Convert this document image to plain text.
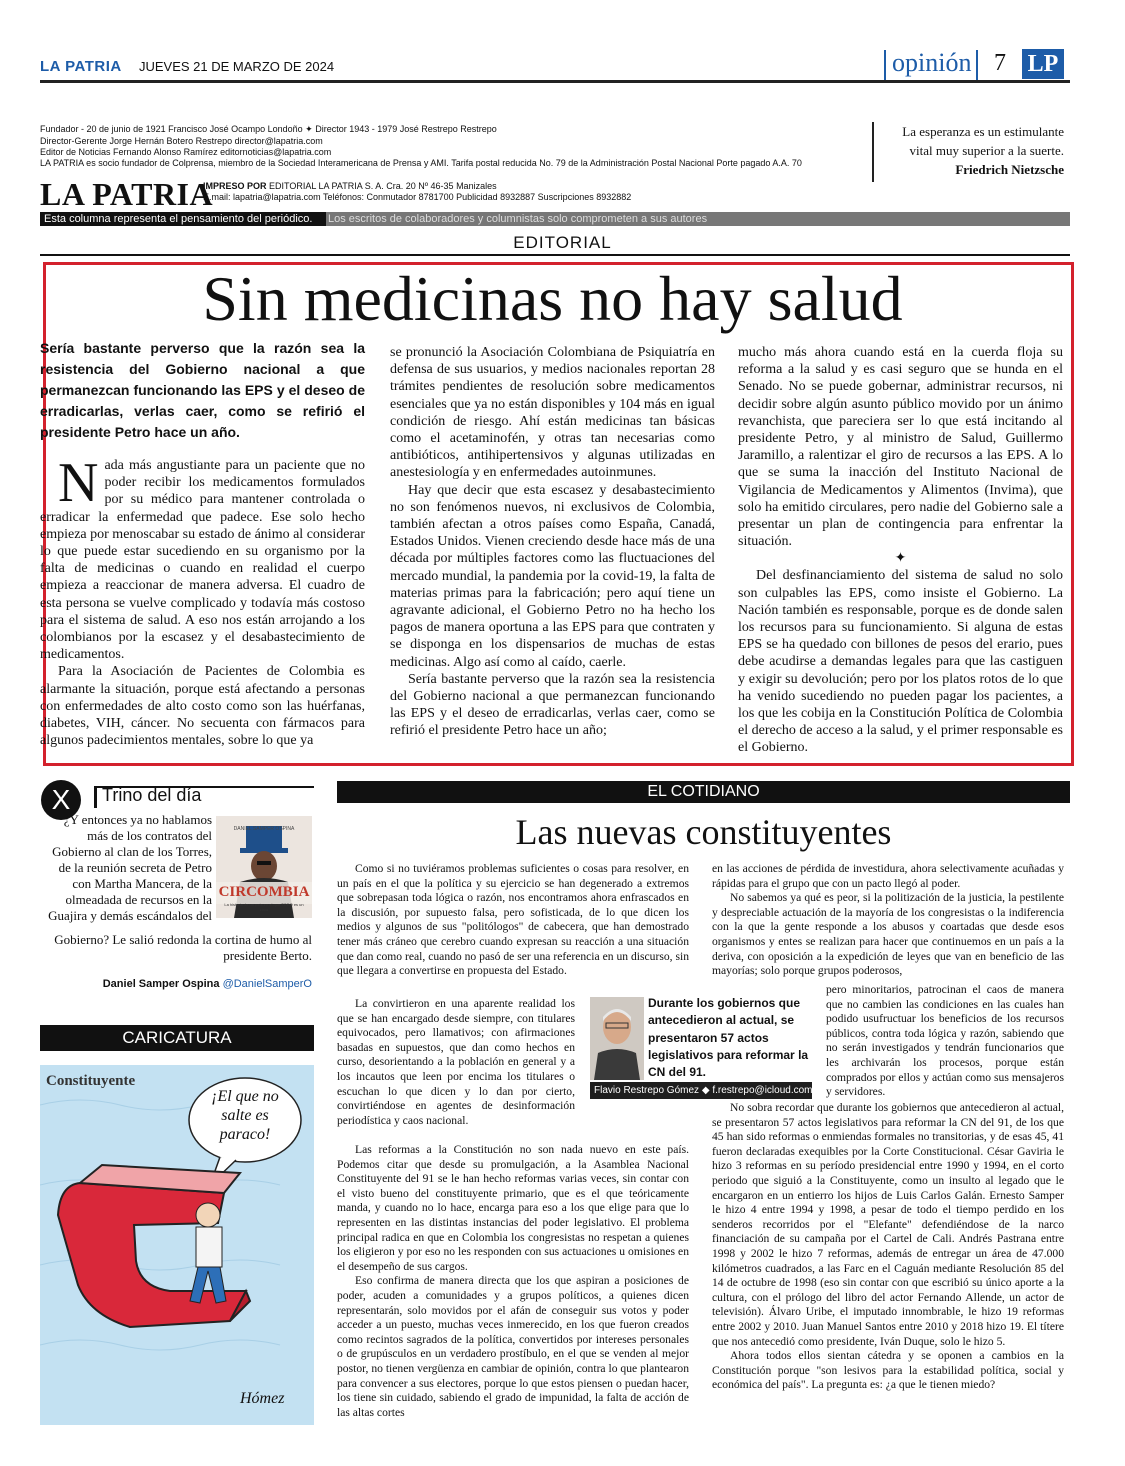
LA PATRIA JUEVES 21 DE MARZO DE 2024	opinión 7 LP
Fundador - 20 de junio de 1921 Francisco José Ocampo Londoño ✦ Director 1943 - 1979 José Restrepo Restrepo
Director-Gerente Jorge Hernán Botero Restrepo director@lapatria.com
Editor de Noticias Fernando Alonso Ramírez editornoticias@lapatria.com
LA PATRIA es socio fundador de Colprensa, miembro de la Sociedad Interamericana de Prensa y AMI. Tarifa postal reducida No. 79 de la Administración Postal Nacional Porte pagado A.A. 70
LA PATRIA
IMPRESO POR EDITORIAL LA PATRIA S. A. Cra. 20 Nº 46-35 Manizales
E.mail: lapatria@lapatria.com Teléfonos: Conmutador 8781700 Publicidad 8932887 Suscripciones 8932882
La esperanza es un estimulante
vital muy superior a la suerte.
Friedrich Nietzsche
Esta columna representa el pensamiento del periódico.	Los escritos de colaboradores y columnistas solo comprometen a sus autores
EDITORIAL
Sin medicinas no hay salud

Sería bastante perverso que la razón sea la resistencia del Gobierno nacional a que permanezcan funcionando las EPS y el deseo de erradicarlas, verlas caer, como se refirió el presidente Petro hace un año.

Nada más angustiante para un paciente que no poder recibir los medicamentos formulados por su médico para mantener controlada o erradicar la enfermedad que padece. Ese solo hecho empieza por menoscabar su estado de ánimo al considerar lo que puede estar sucediendo en su organismo por la falta de medicinas o cuando en realidad el cuerpo empieza a reaccionar de manera adversa. El cuadro de esta persona se vuelve complicado y todavía más costoso para el sistema de salud. A eso nos están arrojando a los colombianos por la escasez y el desabastecimiento de medicamentos.

Para la Asociación de Pacientes de Colombia es alarmante la situación, porque está afectando a personas con enfermedades de alto costo como son las huérfanas, diabetes, VIH, cáncer. No secuenta con fármacos para algunos padecimientos mentales, sobre lo que ya

se pronunció la Asociación Colombiana de Psiquiatría en defensa de sus usuarios, y medios nacionales reportan 28 trámites pendientes de resolución sobre medicamentos esenciales que ya no están disponibles y 104 más en igual condición de riesgo. Ahí están medicinas tan básicas como el acetaminofén, y otras tan necesarias como antibióticos, antihipertensivos y algunas utilizadas en anestesiología y en enfermedades autoinmunes.

Hay que decir que esta escasez y desabastecimiento no son fenómenos nuevos, ni exclusivos de Colombia, también afectan a otros países como España, Canadá, Estados Unidos. Vienen creciendo desde hace más de una década por múltiples factores como las fluctuaciones del mercado mundial, la pandemia por la covid-19, la falta de materias primas para la fabricación; pero aquí tiene un agravante adicional, el Gobierno Petro no ha hecho los pagos de manera oportuna a las EPS para que contraten y se disponga en los dispensarios de muchas de estas medicinas. Algo así como al caído, caerle.

Sería bastante perverso que la razón sea la resistencia del Gobierno nacional a que permanezcan funcionando las EPS y el deseo de erradicarlas, verlas caer, como se refirió el presidente Petro hace un año;

mucho más ahora cuando está en la cuerda floja su reforma a la salud y es casi seguro que se hunda en el Senado. No se puede gobernar, administrar recursos, ni decidir sobre algún asunto público movido por un ánimo revanchista, que pareciera ser lo que está incitando al presidente Petro, y al ministro de Salud, Guillermo Jaramillo, a ralentizar el giro de recursos a las EPS. A lo que se suma la inacción del Instituto Nacional de Vigilancia de Medicamentos y Alimentos (Invima), que solo ha emitido circulares, pero nadie del Gobierno sale a presentar un plan de contingencia para enfrentar la situación.

✦

Del desfinanciamiento del sistema de salud no solo son culpables las EPS, como insiste el Gobierno. La Nación también es responsable, porque es de donde salen los recursos para su funcionamiento. Si alguna de estas EPS se ha quedado con billones de pesos del erario, pues debe acudirse a demandas legales para que las castiguen y exigir su devolución; pero por los platos rotos de lo que ha venido sucediendo no pueden pagar los pacientes, a los que les cobija en la Constitución Política de Colombia el derecho de acceso a la salud, y el primer responsable es el Gobierno.

X	Trino del día
¿Y entonces ya no hablamos más de los contratos del Gobierno al clan de los Torres, de la reunión secreta de Petro con Martha Mancera, de la olmeadada de recursos en la Guajira y demás escándalos del
DANIEL SAMPER OSPINA
CIRCOMBIA
La historia de un país en el que TODO es un circo
Gobierno? Le salió redonda la cortina de humo al presidente Berto.
Daniel Samper Ospina @DanielSamperO
CARICATURA
Constituyente
¡El que no
salte es
paraco!
Hómez
EL COTIDIANO
Las nuevas constituyentes

Como si no tuviéramos problemas suficientes o cosas para resolver, en un país en el que la política y su ejercicio se han degenerado a extremos que sobrepasan toda lógica o razón, nos encontramos ahora enfrascados en la discusión, por supuesto falsa, pero sofisticada, de lo que dicen los medios y algunos de sus "politólogos" de cabecera, que han demostrado tener más cráneo que cerebro cuando expresan su reacción a una situación que dan como real, cuando no pasó de ser una referencia en un discurso, sin que llegara a convertirse en propuesta del Estado.

La convirtieron en una aparente realidad los que se han encargado desde siempre, con titulares equivocados, pero llamativos; con afirmaciones basadas en supuestos, que dan como hechos en curso, desorientando a la población en general y a los incautos que leen por encima los titulares o escuchan lo que dicen y lo dan por cierto, convirtiéndose en agentes de desinformación periodística y caos nacional.

Las reformas a la Constitución no son nada nuevo en este país. Podemos citar que desde su promulgación, a la Asamblea Nacional Constituyente del 91 se le han hecho reformas varias veces, sin contar con el visto bueno del constituyente primario, que es el que teóricamente manda, y cuando no lo hace, encarga para eso a los que elige para que lo representen en las distintas instancias del poder legislativo. El problema principal radica en que en Colombia los congresistas no respetan a quienes los eligieron y por eso no les responden con sus actuaciones u omisiones en el desempeño de sus cargos.

Eso confirma de manera directa que los que aspiran a posiciones de poder, acuden a comunidades y a grupos políticos, a quienes dicen representarán, solo movidos por el afán de conseguir sus votos y poder acceder a un puesto, muchas veces inmerecido, en los que fueron creados como recintos sagrados de la política, convertidos por intereses personales o de grupúsculos en un verdadero prostíbulo, en el que se venden al mejor postor, no tienen vergüenza en cambiar de opinión, contra lo que plantearon para convencer a sus electores, porque lo que estos piensen o puedan hacer, los tiene sin cuidado, sabiendo el grado de impunidad, la falta de acción de las altas cortes

en las acciones de pérdida de investidura, ahora selectivamente acuñadas y rápidas para el grupo que con un pacto llegó al poder.

No sabemos ya qué es peor, si la politización de la justicia, la pestilente y despreciable actuación de la mayoría de los congresistas o la indiferencia con la que la gente responde a los abusos y coartadas que desde esos organismos y entes se realizan para hacer que continuemos en un país a la deriva, con oposición a la expedición de leyes que van en beneficio de las mayorías; solo porque grupos poderosos,

pero minoritarios, patrocinan el caos de manera que no cambien las condiciones en las cuales han podido usufructuar los beneficios de los recursos públicos, contra toda lógica y razón, sabiendo que no serán investigados y tendrán funcionarios que les archivarán los procesos, porque están comprados por ellos y actúan como sus mensajeros y servidores.

No sobra recordar que durante los gobiernos que antecedieron al actual, se presentaron 57 actos legislativos para reformar la CN del 91, de los que 45 han sido reformas o enmiendas formales no transitorias, y de esas 45, 41 fueron declaradas exequibles por la Corte Constitucional. César Gaviria le hizo 3 reformas en su período presidencial entre 1990 y 1994, en el corto periodo que siguió a la Constituyente, como un insulto al legado que le encargaron en un entierro los hijos de Luis Carlos Galán. Ernesto Samper le hizo 4 entre 1994 y 1998, a pesar de todo el tiempo perdido en los senderos recorridos por el "Elefante" defendiéndose de la narco financiación de su campaña por el Cartel de Cali. Andrés Pastrana entre 1998 y 2002 le hizo 7 reformas, además de entregar un área de 47.000 kilómetros cuadrados, a las Farc en el Caguán mediante Resolución 85 del 14 de octubre de 1998 (eso sin contar con que escribió su único aporte a la cultura, con el prólogo del libro del actor Fernando Allende, un actor de televisión). Álvaro Uribe, el imputado innombrable, le hizo 19 reformas entre 2002 y 2010. Juan Manuel Santos entre 2010 y 2018 hizo 19. El títere que nos antecedió como presidente, Iván Duque, solo le hizo 5.

Ahora todos ellos sientan cátedra y se oponen a cambios en la Constitución porque "son lesivos para la estabilidad política, social y económica del país". La pregunta es: ¿a que le tienen miedo?

Durante los gobiernos que antecedieron al actual, se presentaron 57 actos legislativos para reformar la CN del 91.
Flavio Restrepo Gómez ◆ f.restrepo@icloud.com
